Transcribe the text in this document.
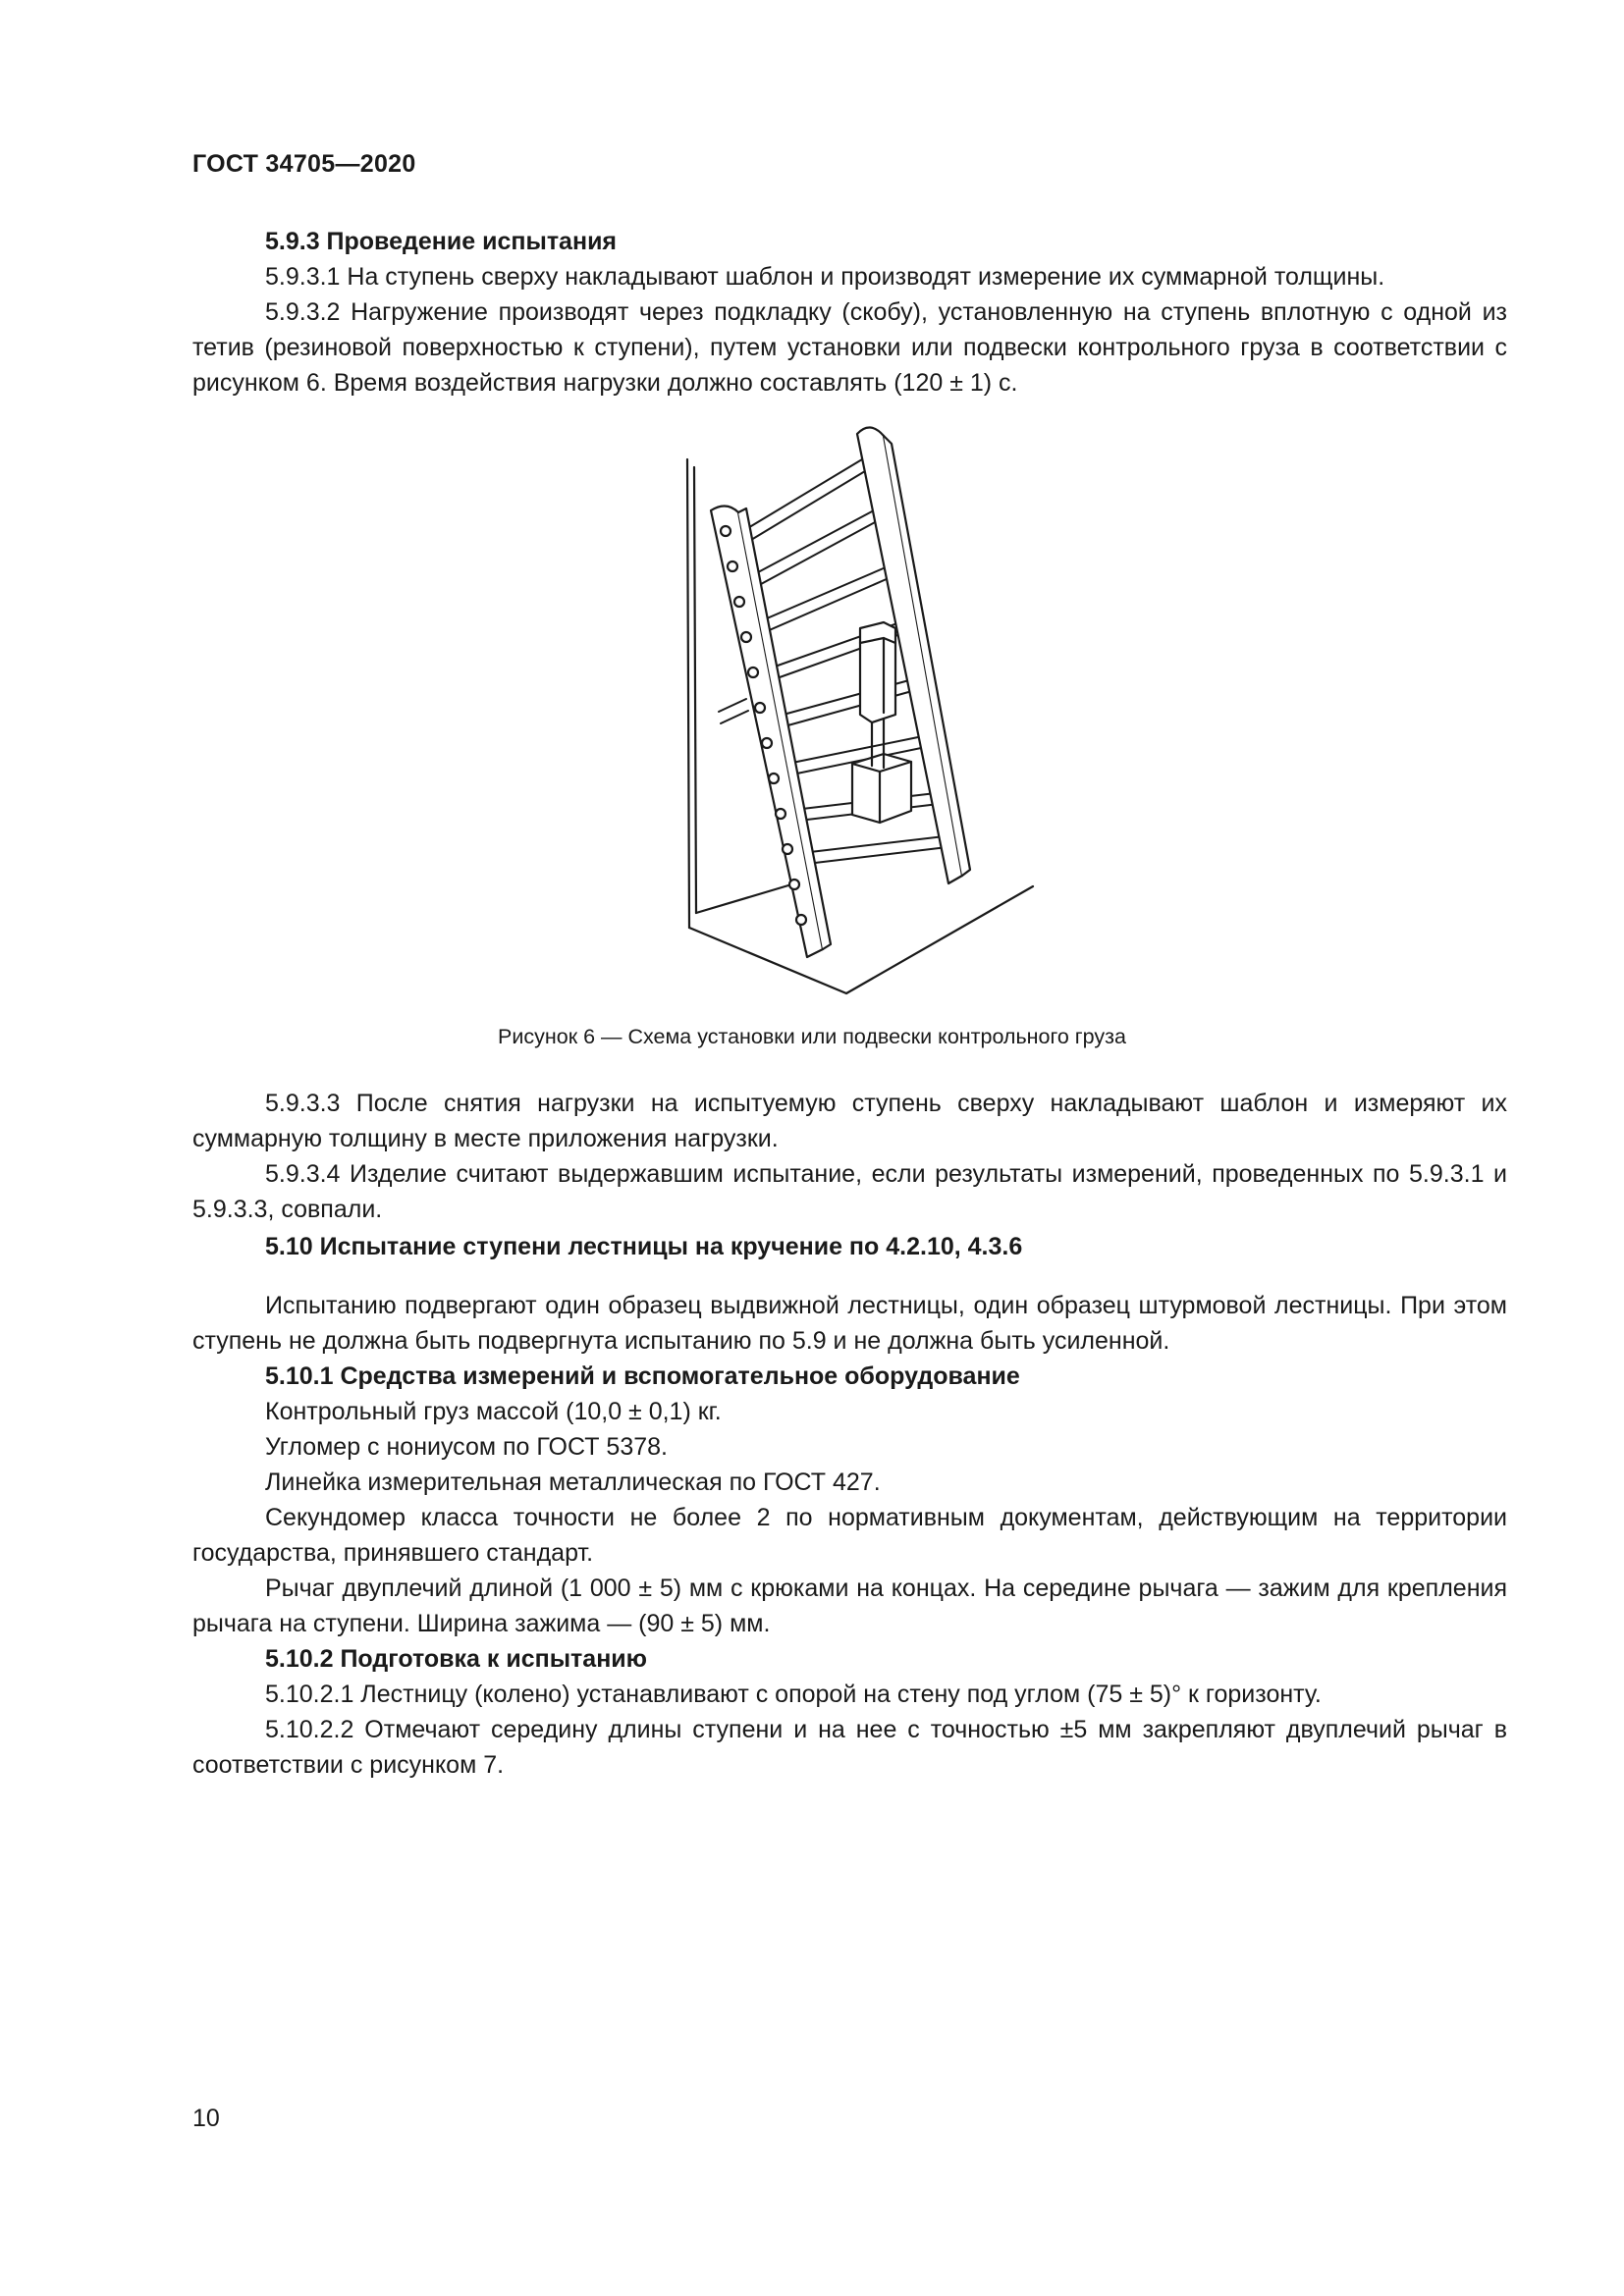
ГОСТ 34705—2020

5.9.3 Проведение испытания

5.9.3.1 На ступень сверху накладывают шаблон и производят измерение их суммарной толщины.

5.9.3.2 Нагружение производят через подкладку (скобу), установленную на ступень вплотную с одной из тетив (резиновой поверхностью к ступени), путем установки или подвески контрольного груза в соответствии с рисунком 6. Время воздействия нагрузки должно составлять (120 ± 1) с.

Рисунок 6 — Схема установки или подвески контрольного груза

5.9.3.3 После снятия нагрузки на испытуемую ступень сверху накладывают шаблон и измеряют их суммарную толщину в месте приложения нагрузки.

5.9.3.4 Изделие считают выдержавшим испытание, если результаты измерений, проведенных по 5.9.3.1 и 5.9.3.3, совпали.

5.10 Испытание ступени лестницы на кручение по 4.2.10, 4.3.6

Испытанию подвергают один образец выдвижной лестницы, один образец штурмовой лестницы. При этом ступень не должна быть подвергнута испытанию по 5.9 и не должна быть усиленной.

5.10.1 Средства измерений и вспомогательное оборудование

Контрольный груз массой (10,0 ± 0,1) кг.

Угломер с нониусом по ГОСТ 5378.

Линейка измерительная металлическая по ГОСТ 427.

Секундомер класса точности не более 2 по нормативным документам, действующим на территории государства, принявшего стандарт.

Рычаг двуплечий длиной (1 000 ± 5) мм с крюками на концах. На середине рычага — зажим для крепления рычага на ступени. Ширина зажима — (90 ± 5) мм.

5.10.2 Подготовка к испытанию

5.10.2.1 Лестницу (колено) устанавливают с опорой на стену под углом (75 ± 5)° к горизонту.

5.10.2.2 Отмечают середину длины ступени и на нее с точностью ±5 мм закрепляют двуплечий рычаг в соответствии с рисунком 7.

10
